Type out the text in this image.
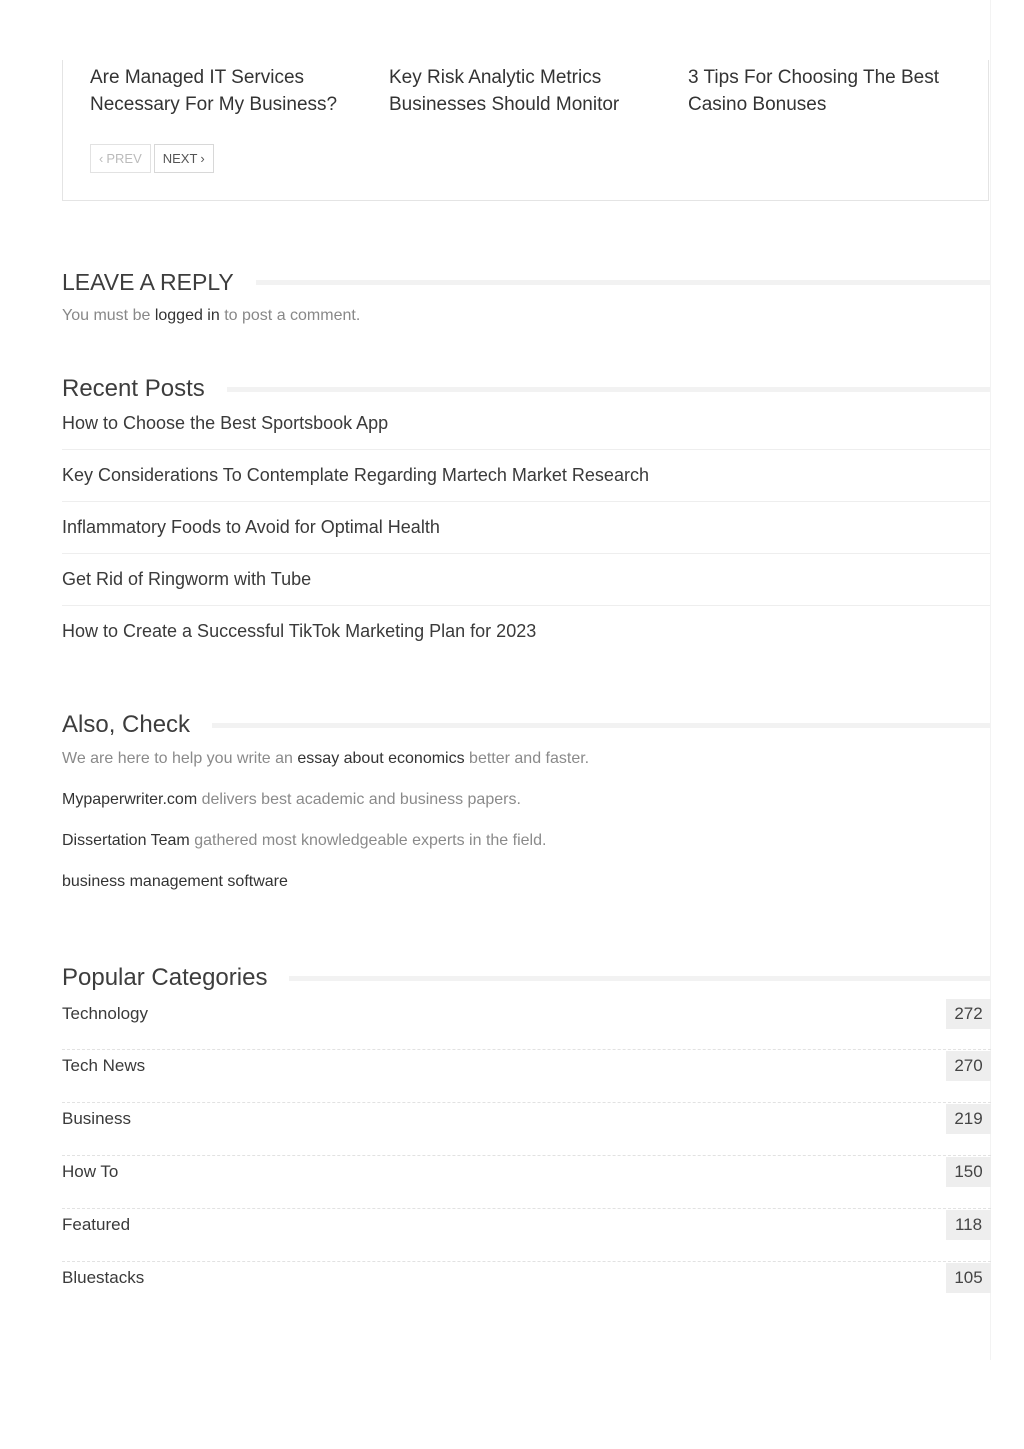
Are Managed IT Services Necessary For My Business?
Key Risk Analytic Metrics Businesses Should Monitor
3 Tips For Choosing The Best Casino Bonuses
‹ PREV NEXT ›
LEAVE A REPLY
You must be logged in to post a comment.
Recent Posts
How to Choose the Best Sportsbook App
Key Considerations To Contemplate Regarding Martech Market Research
Inflammatory Foods to Avoid for Optimal Health
Get Rid of Ringworm with Tube
How to Create a Successful TikTok Marketing Plan for 2023
Also, Check
We are here to help you write an essay about economics better and faster.
Mypaperwriter.com delivers best academic and business papers.
Dissertation Team gathered most knowledgeable experts in the field.
business management software
Popular Categories
Technology	272
Tech News	270
Business	219
How To	150
Featured	118
Bluestacks	105
